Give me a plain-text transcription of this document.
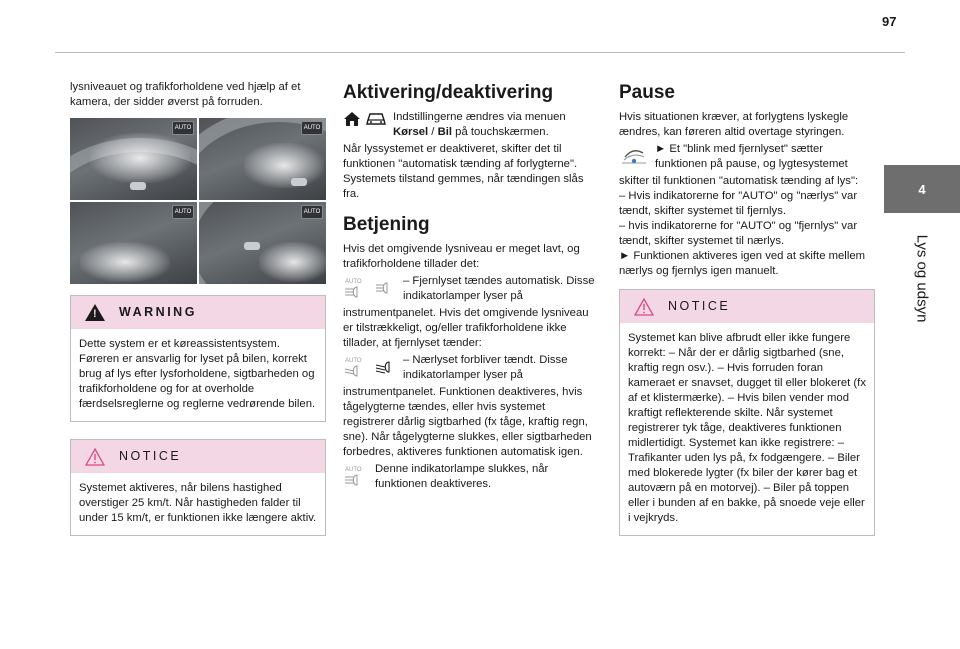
97
4
Lys og udsyn

lysniveauet og trafikforholdene ved hjælp af et kamera, der sidder øverst på forruden.

AUTO	AUTO
AUTO	AUTO
!
WARNING

Dette system er et køreassistentsystem. Føreren er ansvarlig for lyset på bilen, korrekt brug af lys efter lysforholdene, sigtbarheden og trafikforholdene og for at overholde færdselsreglerne og reglerne vedrørende bilen.

NOTICE

Systemet aktiveres, når bilens hastighed overstiger 25 km/t. Når hastigheden falder til under 15 km/t, er funktionen ikke længere aktiv.

Aktivering/deaktivering
Indstillingerne ændres via menuen Kørsel / Bil på touchskærmen.

Når lyssystemet er deaktiveret, skifter det til funktionen "automatisk tænding af forlygterne". Systemets tilstand gemmes, når tændingen slås fra.

Betjening

Hvis det omgivende lysniveau er meget lavt, og trafikforholdene tillader det:

AUTO	– Fjernlyset tændes automatisk. Disse indikatorlamper lyser på

instrumentpanelet. Hvis det omgivende lysniveau er tilstrækkeligt, og/eller trafikforholdene ikke tillader, at fjernlyset tænder:

AUTO	– Nærlyset forbliver tændt. Disse indikatorlamper lyser på

instrumentpanelet. Funktionen deaktiveres, hvis tågelygterne tændes, eller hvis systemet registrerer dårlig sigtbarhed (fx tåge, kraftig regn, sne). Når tågelygterne slukkes, eller sigtbarheden forbedres, aktiveres funktionen automatisk igen.

AUTO Denne indikatorlampe slukkes, når funktionen deaktiveres.
Pause

Hvis situationen kræver, at forlygtens lyskegle ændres, kan føreren altid overtage styringen.

► Et "blink med fjernlyset" sætter funktionen på pause, og lygtesystemet

skifter til funktionen "automatisk tænding af lys":

– Hvis indikatorerne for "AUTO" og "nærlys" var tændt, skifter systemet til fjernlys.

– hvis indikatorerne for "AUTO" og "fjernlys" var tændt, skifter systemet til nærlys.

► Funktionen aktiveres igen ved at skifte mellem nærlys og fjernlys igen manuelt.

NOTICE

Systemet kan blive afbrudt eller ikke fungere korrekt: – Når der er dårlig sigtbarhed (sne, kraftig regn osv.). – Hvis forruden foran kameraet er snavset, dugget til eller blokeret (fx af et klistermærke). – Hvis bilen vender mod kraftigt reflekterende skilte. Når systemet registrerer tyk tåge, deaktiveres funktionen midlertidigt. Systemet kan ikke registrere: – Trafikanter uden lys på, fx fodgængere. – Biler med blokerede lygter (fx biler der kører bag et autoværn på en motorvej). – Biler på toppen eller i bunden af en bakke, på snoede veje eller i vejkryds.
